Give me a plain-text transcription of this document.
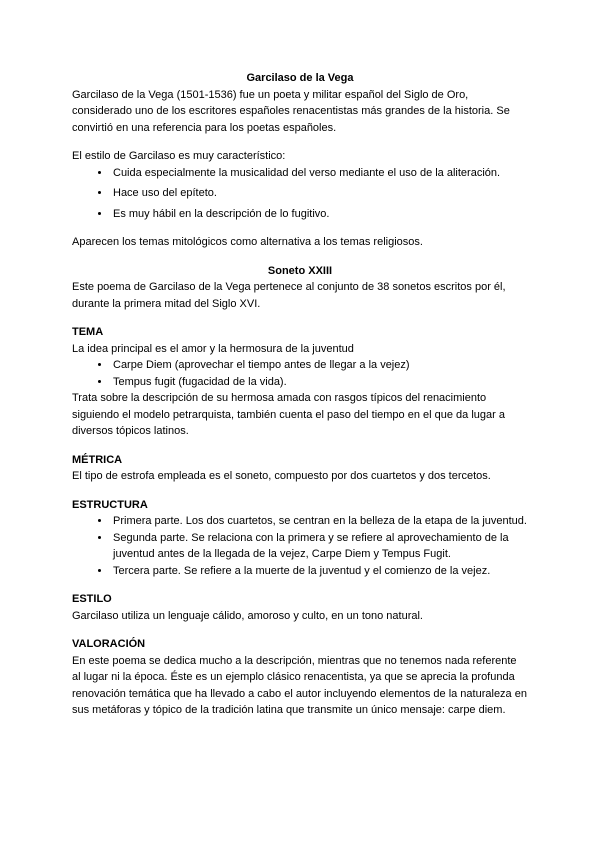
Garcilaso de la Vega

Garcilaso de la Vega (1501-1536) fue un poeta y militar español del Siglo de Oro, considerado uno de los escritores españoles renacentistas más grandes de la historia. Se convirtió en una referencia para los poetas españoles.

El estilo de Garcilaso es muy característico:

• Cuida especialmente la musicalidad del verso mediante el uso de la aliteración.
• Hace uso del epíteto.
• Es muy hábil en la descripción de lo fugitivo.

Aparecen los temas mitológicos como alternativa a los temas religiosos.

Soneto XXIII

Este poema de Garcilaso de la Vega pertenece al conjunto de 38 sonetos escritos por él, durante la primera mitad del Siglo XVI.

TEMA

La idea principal es el amor y la hermosura de la juventud

• Carpe Diem (aprovechar el tiempo antes de llegar a la vejez)
• Tempus fugit (fugacidad de la vida).

Trata sobre la descripción de su hermosa amada con rasgos típicos del renacimiento siguiendo el modelo petrarquista, también cuenta el paso del tiempo en el que da lugar a diversos tópicos latinos.

MÉTRICA

El tipo de estrofa empleada es el soneto, compuesto por dos cuartetos y dos tercetos.

ESTRUCTURA
• Primera parte. Los dos cuartetos, se centran en la belleza de la etapa de la juventud.
• Segunda parte. Se relaciona con la primera y se refiere al aprovechamiento de la juventud antes de la llegada de la vejez, Carpe Diem y Tempus Fugit.
• Tercera parte. Se refiere a la muerte de la juventud y el comienzo de la vejez.
ESTILO

Garcilaso utiliza un lenguaje cálido, amoroso y culto, en un tono natural.

VALORACIÓN

En este poema se dedica mucho a la descripción, mientras que no tenemos nada referente al lugar ni la época. Éste es un ejemplo clásico renacentista, ya que se aprecia la profunda renovación temática que ha llevado a cabo el autor incluyendo elementos de la naturaleza en sus metáforas y tópico de la tradición latina que transmite un único mensaje: carpe diem.
